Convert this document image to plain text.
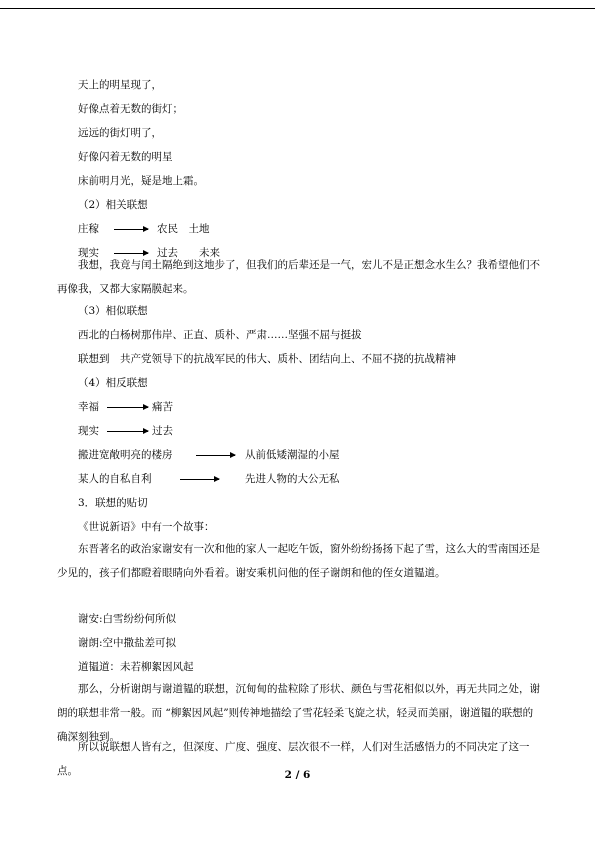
天上的明星现了，
好像点着无数的街灯；
远远的街灯明了，
好像闪着无数的明星
床前明月光，疑是地上霜。
（2）相关联想
庄稼	农民　土地
现实	过去　　未来
我想，我竟与闰土隔绝到这地步了，但我们的后辈还是一气，宏儿不是正想念水生么？我希望他们不再像我，又都大家隔膜起来。
（3）相似联想
西北的白杨树那伟岸、正直、质朴、严肃……坚强不屈与挺拔
联想到　共产党领导下的抗战军民的伟大、质朴、团结向上、不屈不挠的抗战精神
（4）相反联想
幸福	痛苦
现实	过去
搬进宽敞明亮的楼房	从前低矮潮湿的小屋
某人的自私自利	先进人物的大公无私
3．联想的贴切
《世说新语》中有一个故事：
东晋著名的政治家谢安有一次和他的家人一起吃午饭，窗外纷纷扬扬下起了雪，这么大的雪南国还是少见的，孩子们都瞪着眼睛向外看着。谢安乘机问他的侄子谢朗和他的侄女道韫道。
谢安:白雪纷纷何所似
谢朗:空中撒盐差可拟
道韫道：未若柳絮因风起
那么，分析谢朗与谢道韫的联想，沉甸甸的盐粒除了形状、颜色与雪花相似以外，再无共同之处，谢朗的联想非常一般。而 “柳絮因风起”则传神地描绘了雪花轻柔飞旋之状，轻灵而美丽，谢道韫的联想的确深刻独到。
所以说联想人皆有之，但深度、广度、强度、层次很不一样，人们对生活感悟力的不同决定了这一点。	2 / 6
